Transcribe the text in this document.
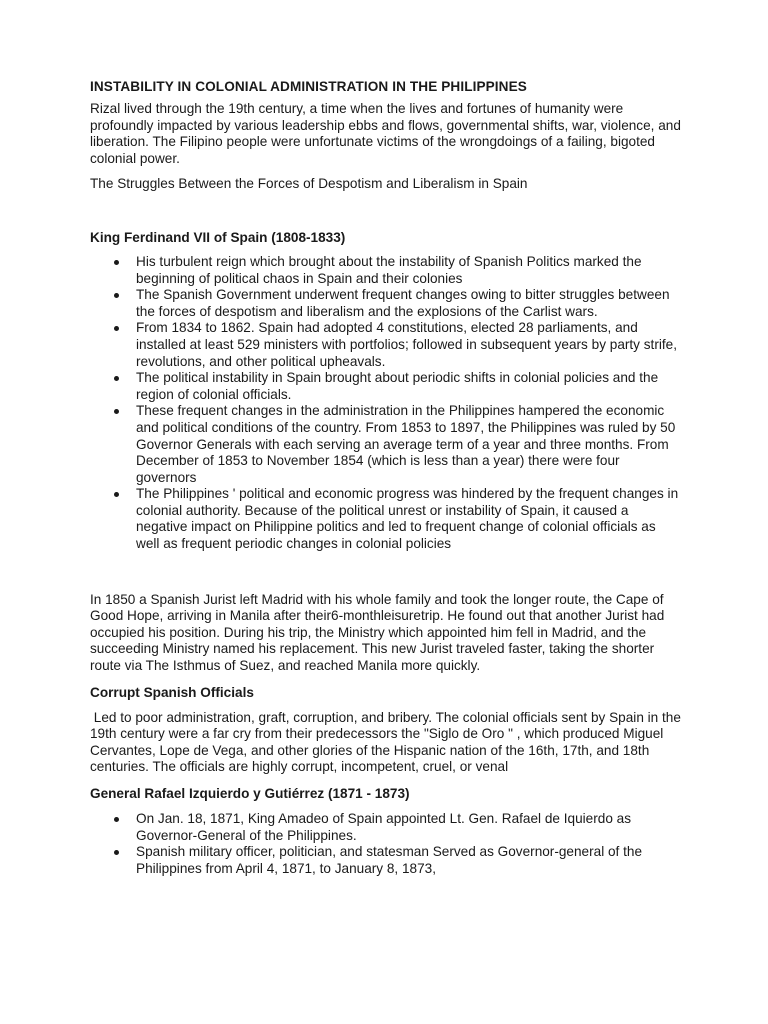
INSTABILITY IN COLONIAL ADMINISTRATION IN THE PHILIPPINES

Rizal lived through the 19th century, a time when the lives and fortunes of humanity were profoundly impacted by various leadership ebbs and flows, governmental shifts, war, violence, and liberation. The Filipino people were unfortunate victims of the wrongdoings of a failing, bigoted colonial power.

The Struggles Between the Forces of Despotism and Liberalism in Spain

King Ferdinand VII of Spain (1808-1833)
His turbulent reign which brought about the instability of Spanish Politics marked the beginning of political chaos in Spain and their colonies
The Spanish Government underwent frequent changes owing to bitter struggles between the forces of despotism and liberalism and the explosions of the Carlist wars.
From 1834 to 1862. Spain had adopted 4 constitutions, elected 28 parliaments, and installed at least 529 ministers with portfolios; followed in subsequent years by party strife, revolutions, and other political upheavals.
The political instability in Spain brought about periodic shifts in colonial policies and the region of colonial officials.
These frequent changes in the administration in the Philippines hampered the economic and political conditions of the country. From 1853 to 1897, the Philippines was ruled by 50 Governor Generals with each serving an average term of a year and three months. From December of 1853 to November 1854 (which is less than a year) there were four governors
The Philippines ' political and economic progress was hindered by the frequent changes in colonial authority. Because of the political unrest or instability of Spain, it caused a negative impact on Philippine politics and led to frequent change of colonial officials as well as frequent periodic changes in colonial policies

In 1850 a Spanish Jurist left Madrid with his whole family and took the longer route, the Cape of Good Hope, arriving in Manila after their6-monthleisuretrip. He found out that another Jurist had occupied his position. During his trip, the Ministry which appointed him fell in Madrid, and the succeeding Ministry named his replacement. This new Jurist traveled faster, taking the shorter route via The Isthmus of Suez, and reached Manila more quickly.

Corrupt Spanish Officials

Led to poor administration, graft, corruption, and bribery. The colonial officials sent by Spain in the 19th century were a far cry from their predecessors the "Siglo de Oro " , which produced Miguel Cervantes, Lope de Vega, and other glories of the Hispanic nation of the 16th, 17th, and 18th centuries. The officials are highly corrupt, incompetent, cruel, or venal

General Rafael Izquierdo y Gutiérrez (1871 - 1873)
On Jan. 18, 1871, King Amadeo of Spain appointed Lt. Gen. Rafael de Iquierdo as Governor-General of the Philippines.
Spanish military officer, politician, and statesman Served as Governor-general of the Philippines from April 4, 1871, to January 8, 1873,
